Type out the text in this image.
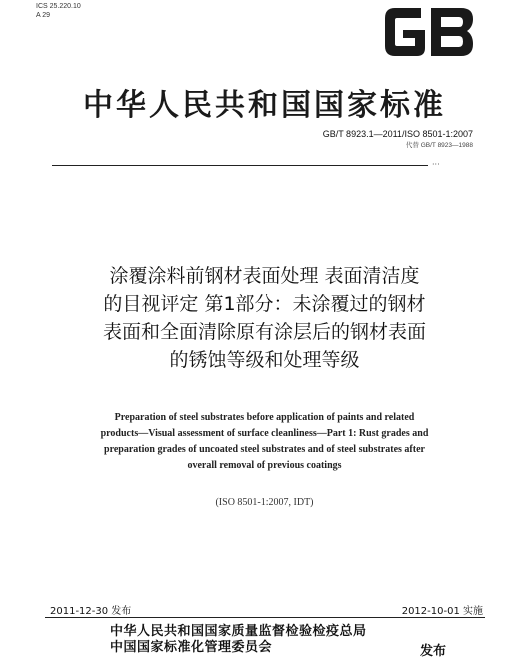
ICS 25.220.10
A 29
中华人民共和国国家标准
GB/T 8923.1—2011/ISO 8501-1:2007
代替 GB/T 8923—1988
···
涂覆涂料前钢材表面处理 表面清洁度
的目视评定 第1部分：未涂覆过的钢材
表面和全面清除原有涂层后的钢材表面
的锈蚀等级和处理等级
Preparation of steel substrates before application of paints and related
products—Visual assessment of surface cleanliness—Part 1: Rust grades and
preparation grades of uncoated steel substrates and of steel substrates after
overall removal of previous coatings
(ISO 8501-1:2007, IDT)
2011-12-30 发布	2012-10-01 实施
中华人民共和国国家质量监督检验检疫总局
中国国家标准化管理委员会	发布
